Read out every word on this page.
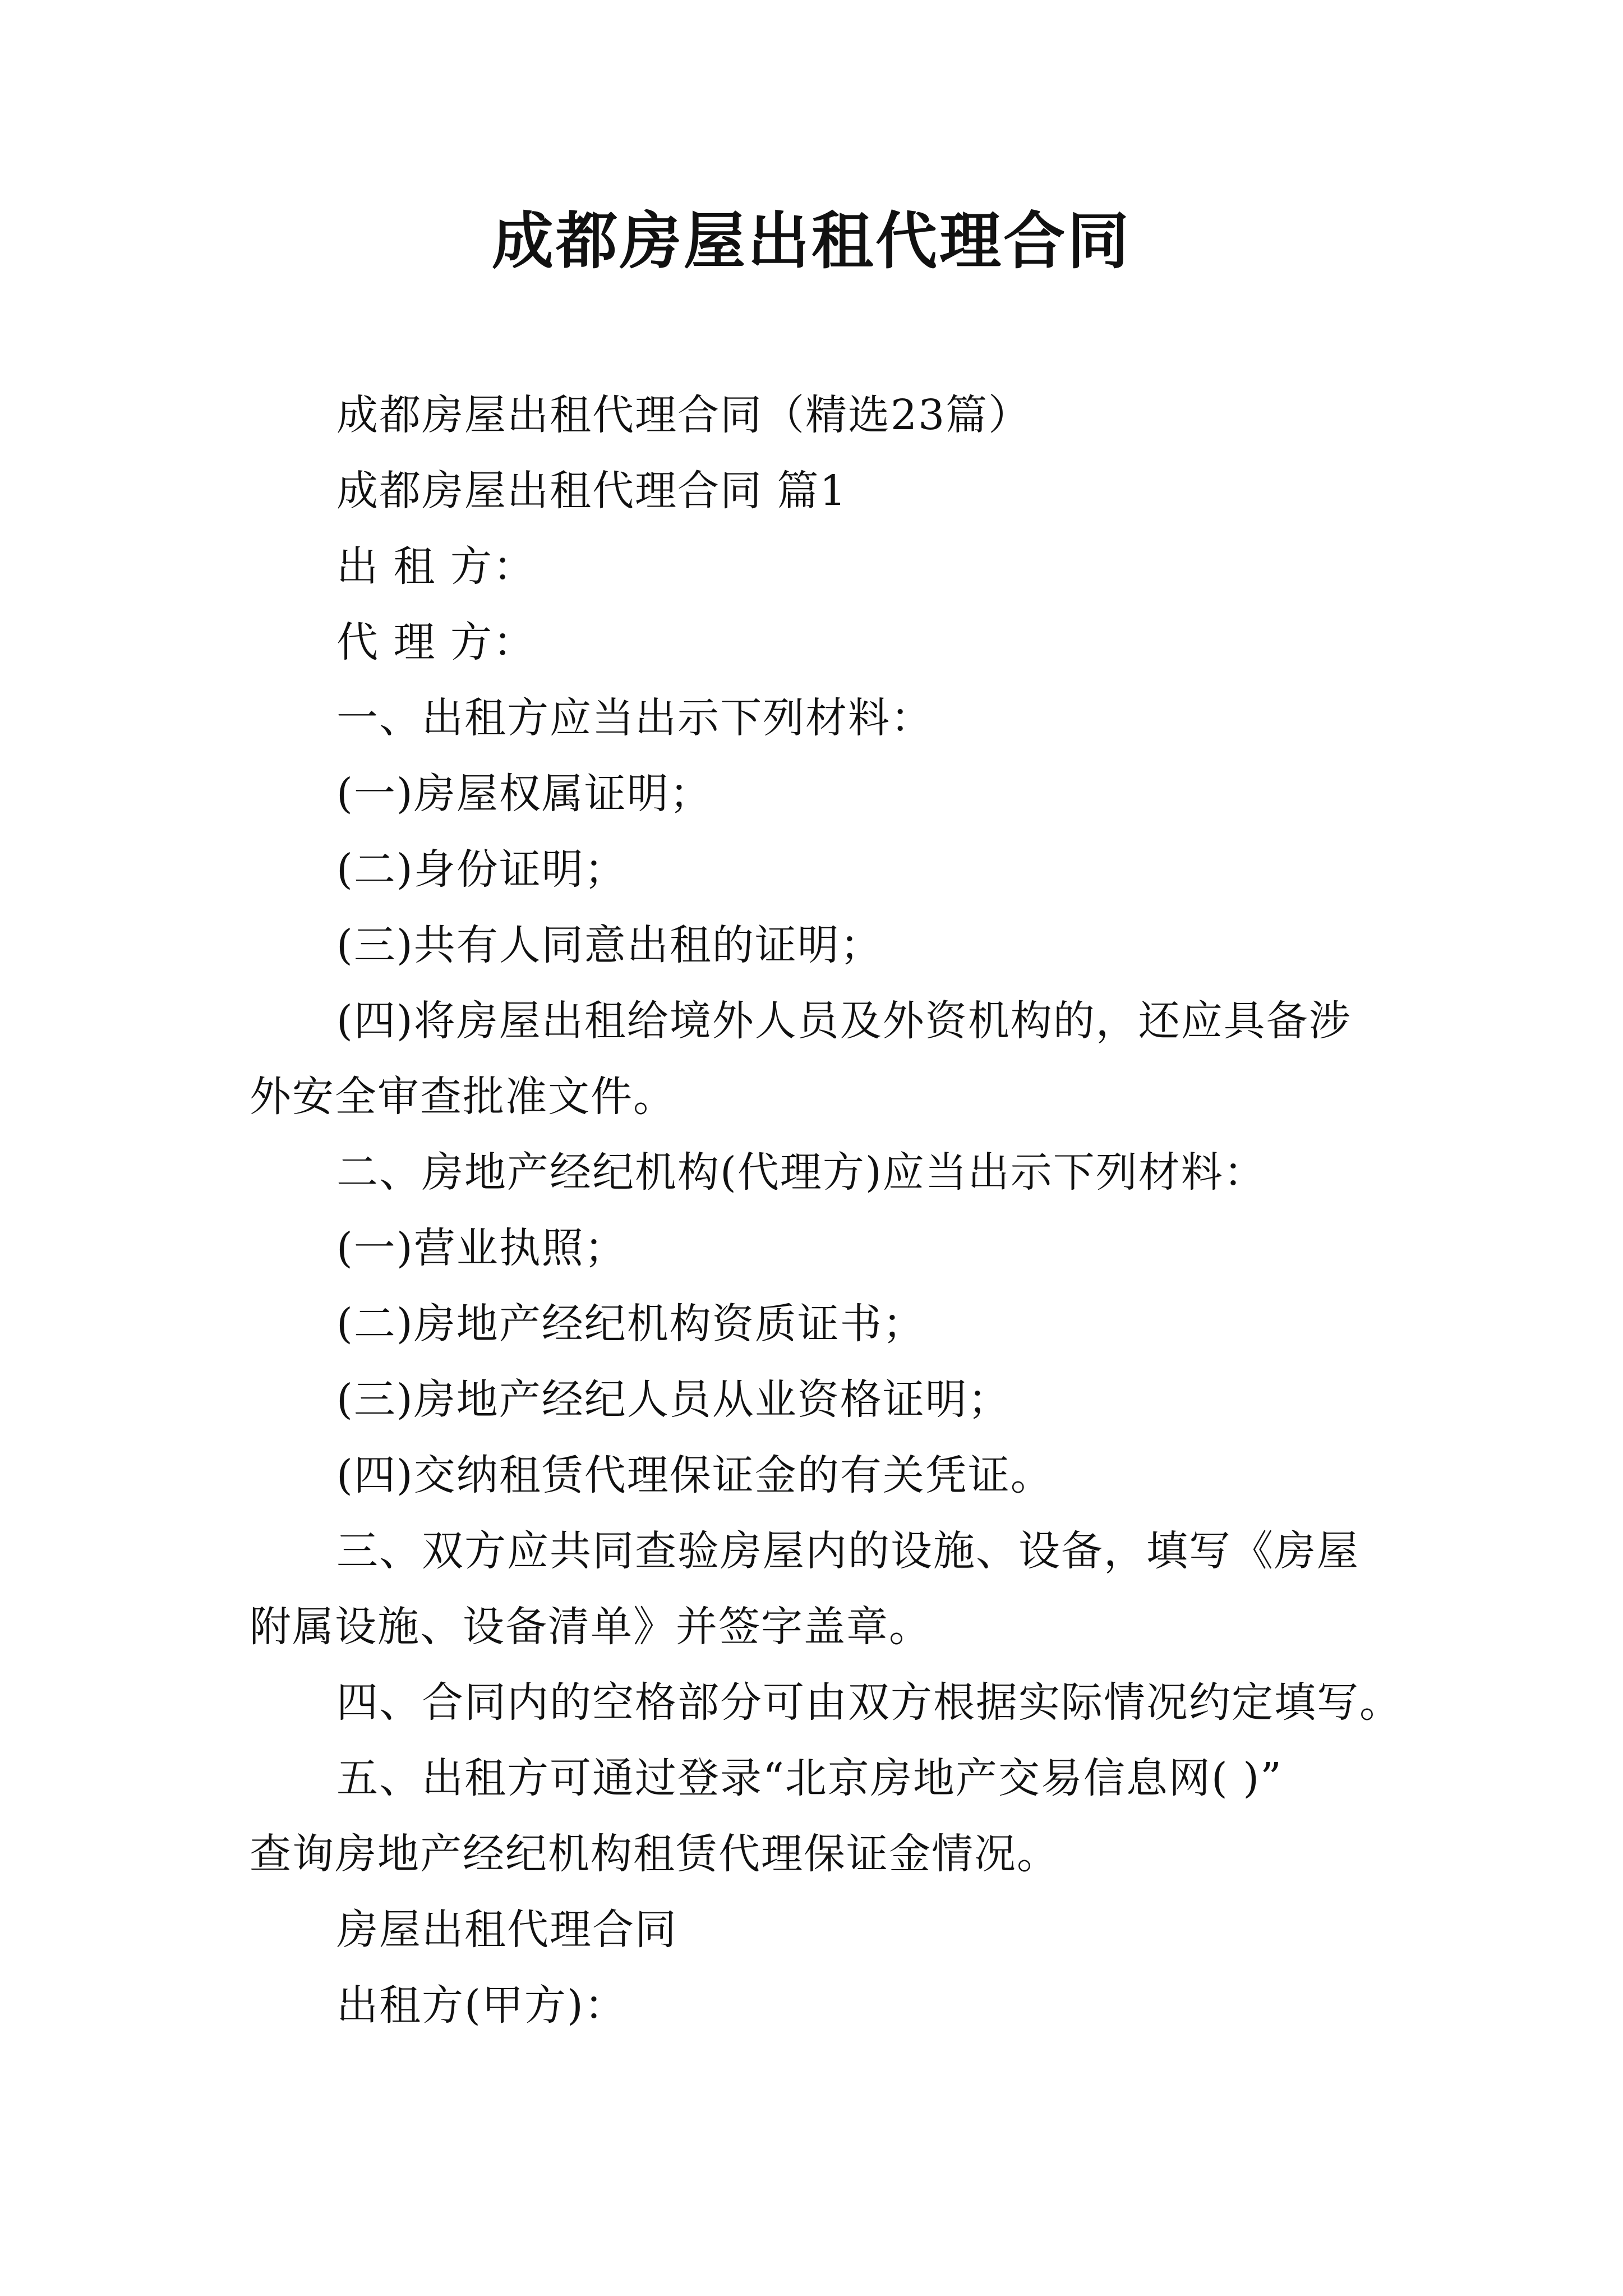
成都房屋出租代理合同
成都房屋出租代理合同（精选23篇）
成都房屋出租代理合同 篇1
出 租 方：
代 理 方：
一、出租方应当出示下列材料：
(一)房屋权属证明；
(二)身份证明；
(三)共有人同意出租的证明；
(四)将房屋出租给境外人员及外资机构的，还应具备涉
外安全审查批准文件。
二、房地产经纪机构(代理方)应当出示下列材料：
(一)营业执照；
(二)房地产经纪机构资质证书；
(三)房地产经纪人员从业资格证明；
(四)交纳租赁代理保证金的有关凭证。
三、双方应共同查验房屋内的设施、设备，填写《房屋
附属设施、设备清单》并签字盖章。
四、合同内的空格部分可由双方根据实际情况约定填写。
五、出租方可通过登录“北京房地产交易信息网( )”
查询房地产经纪机构租赁代理保证金情况。
房屋出租代理合同
出租方(甲方)：
